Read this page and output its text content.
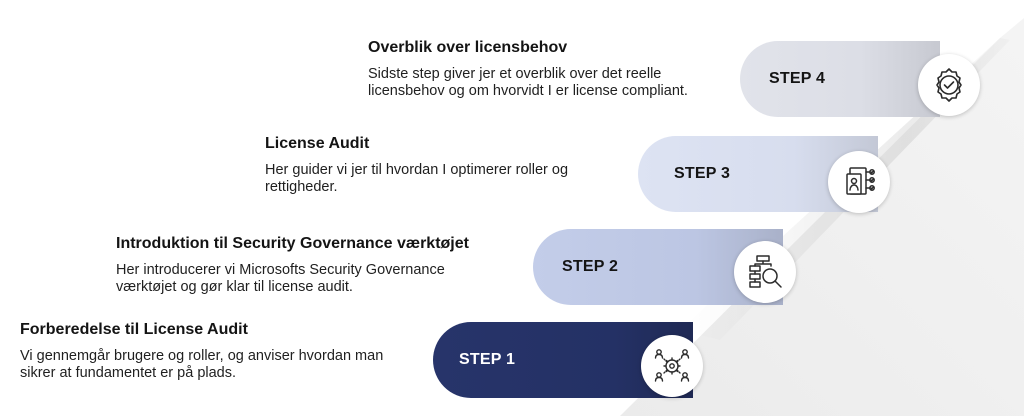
Overblik over licensbehov
Sidste step giver jer et overblik over det reelle licensbehov og om hvorvidt I er license compliant.
STEP 4
License Audit
Her guider vi jer til hvordan I optimerer roller og rettigheder.
STEP 3
Introduktion til Security Governance værktøjet
Her introducerer vi Microsofts Security Governance værktøjet og gør klar til license audit.
STEP 2
Forberedelse til License Audit
Vi gennemgår brugere og roller, og anviser hvordan man sikrer at fundamentet er på plads.
STEP 1
